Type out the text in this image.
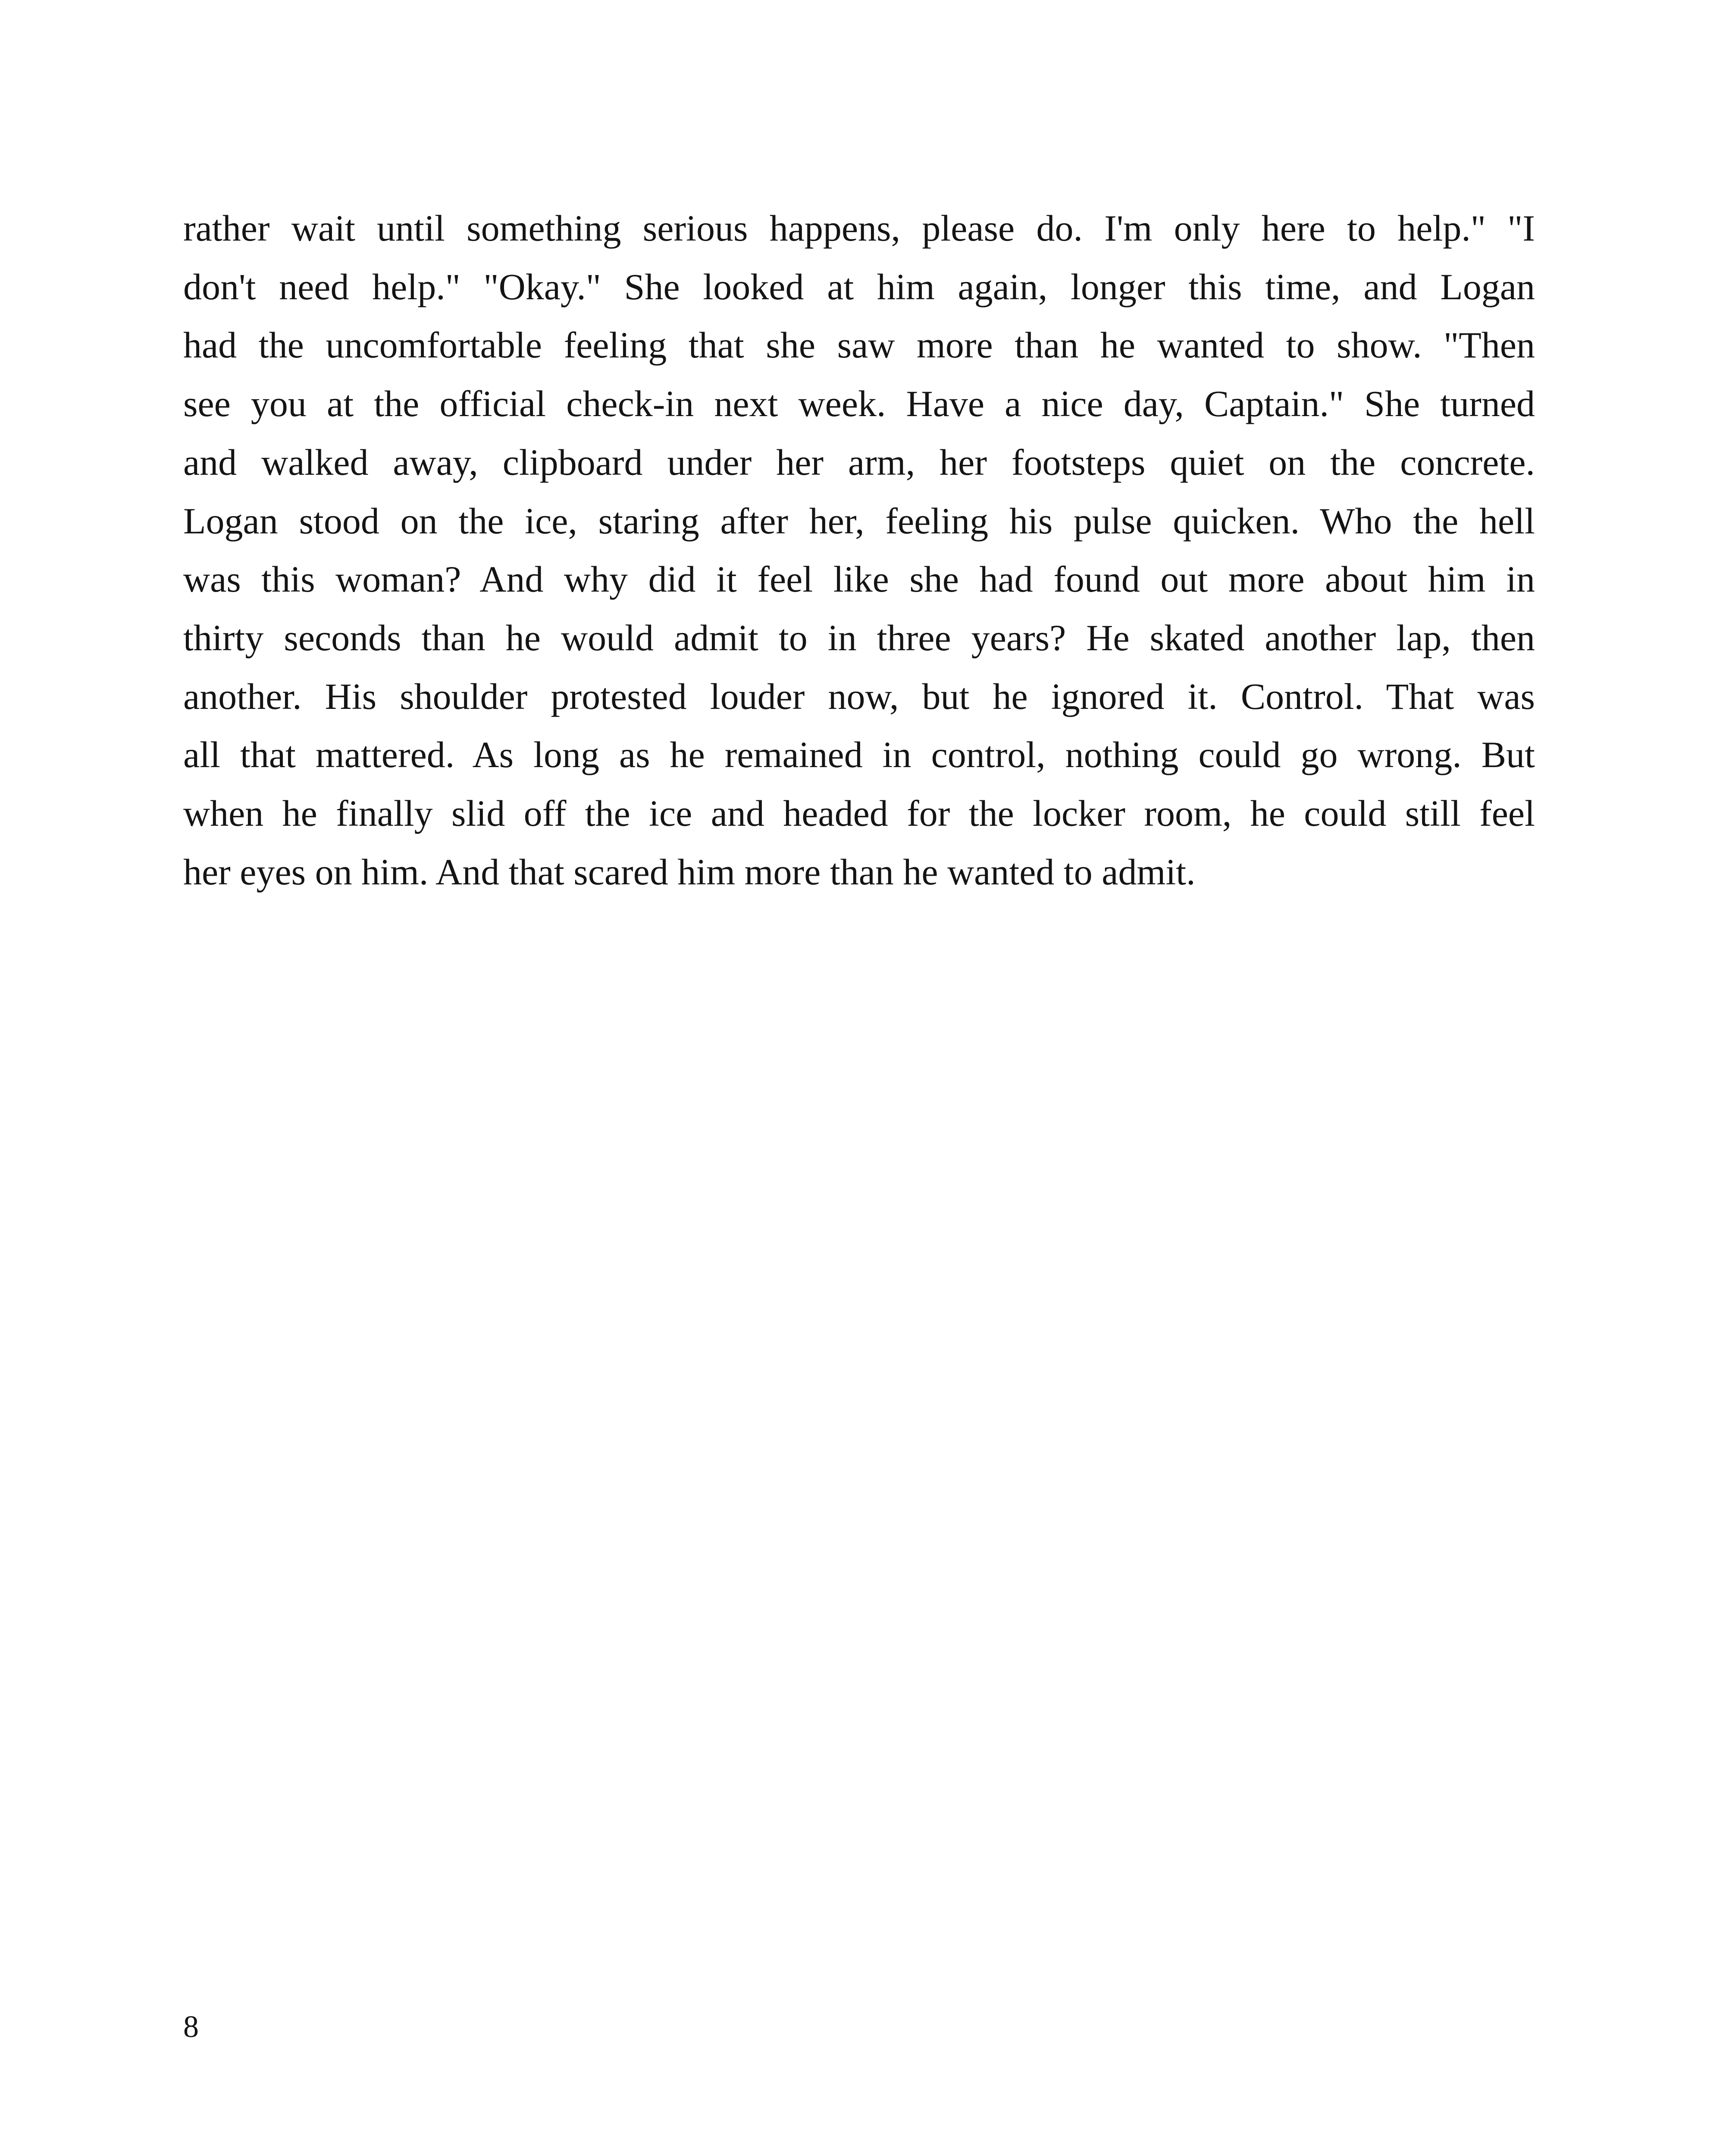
rather wait until something serious happens, please do. I'm only here to help." "I
don't need help." "Okay." She looked at him again, longer this time, and Logan
had the uncomfortable feeling that she saw more than he wanted to show. "Then
see you at the official check-in next week. Have a nice day, Captain." She turned
and walked away, clipboard under her arm, her footsteps quiet on the concrete.
Logan stood on the ice, staring after her, feeling his pulse quicken. Who the hell
was this woman? And why did it feel like she had found out more about him in
thirty seconds than he would admit to in three years? He skated another lap, then
another. His shoulder protested louder now, but he ignored it. Control. That was
all that mattered. As long as he remained in control, nothing could go wrong. But
when he finally slid off the ice and headed for the locker room, he could still feel
her eyes on him. And that scared him more than he wanted to admit.
8
